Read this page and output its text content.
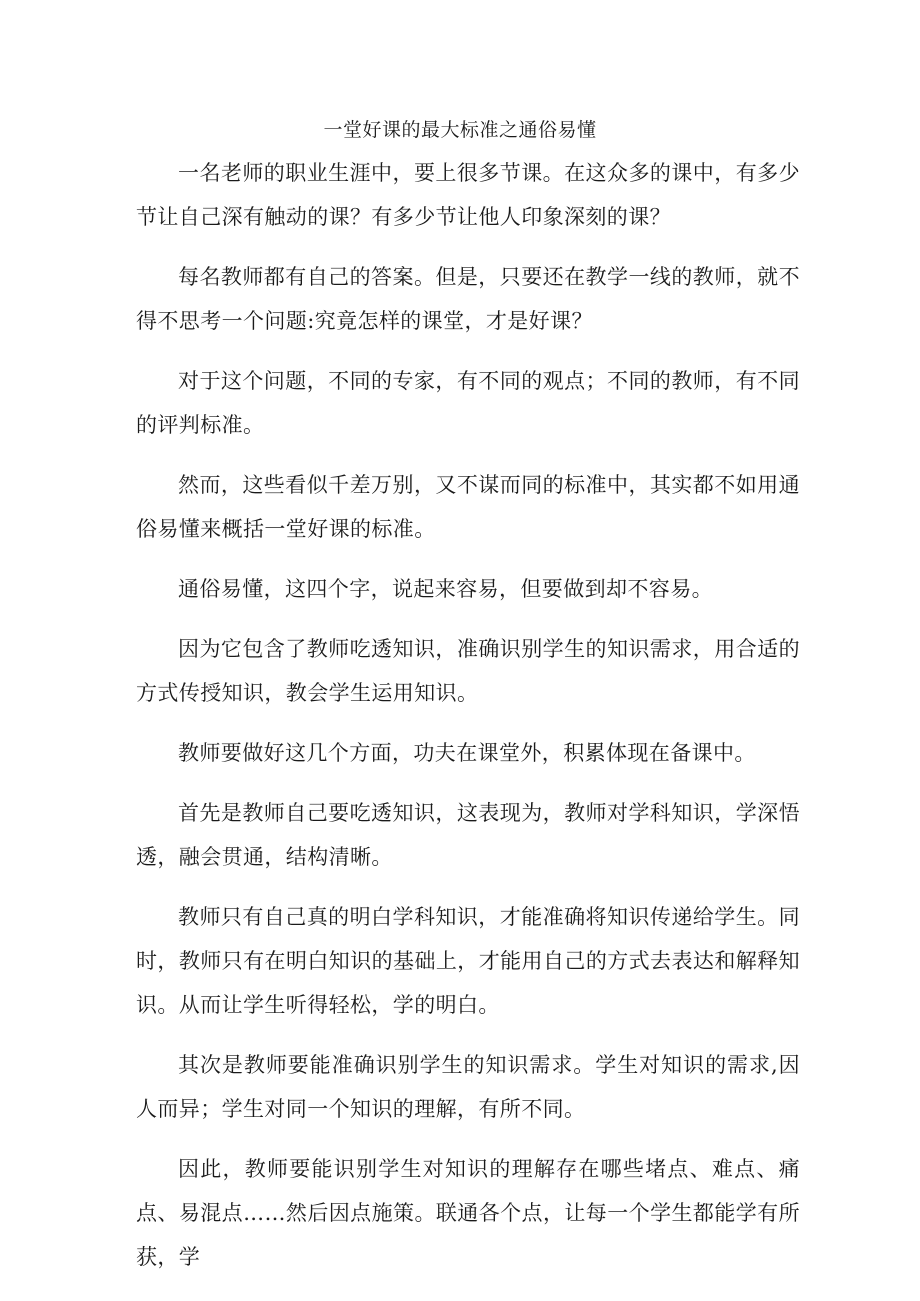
一堂好课的最大标准之通俗易懂

一名老师的职业生涯中，要上很多节课。在这众多的课中，有多少节让自己深有触动的课？有多少节让他人印象深刻的课？

每名教师都有自己的答案。但是，只要还在教学一线的教师，就不得不思考一个问题:究竟怎样的课堂，才是好课？

对于这个问题，不同的专家，有不同的观点；不同的教师，有不同的评判标准。

然而，这些看似千差万别，又不谋而同的标准中，其实都不如用通俗易懂来概括一堂好课的标准。

通俗易懂，这四个字，说起来容易，但要做到却不容易。

因为它包含了教师吃透知识，准确识别学生的知识需求，用合适的方式传授知识，教会学生运用知识。

教师要做好这几个方面，功夫在课堂外，积累体现在备课中。

首先是教师自己要吃透知识，这表现为，教师对学科知识，学深悟透，融会贯通，结构清晰。

教师只有自己真的明白学科知识，才能准确将知识传递给学生。同时，教师只有在明白知识的基础上，才能用自己的方式去表达和解释知识。从而让学生听得轻松，学的明白。

其次是教师要能准确识别学生的知识需求。学生对知识的需求,因人而异；学生对同一个知识的理解，有所不同。

因此，教师要能识别学生对知识的理解存在哪些堵点、难点、痛点、易混点……然后因点施策。联通各个点，让每一个学生都能学有所获，学
